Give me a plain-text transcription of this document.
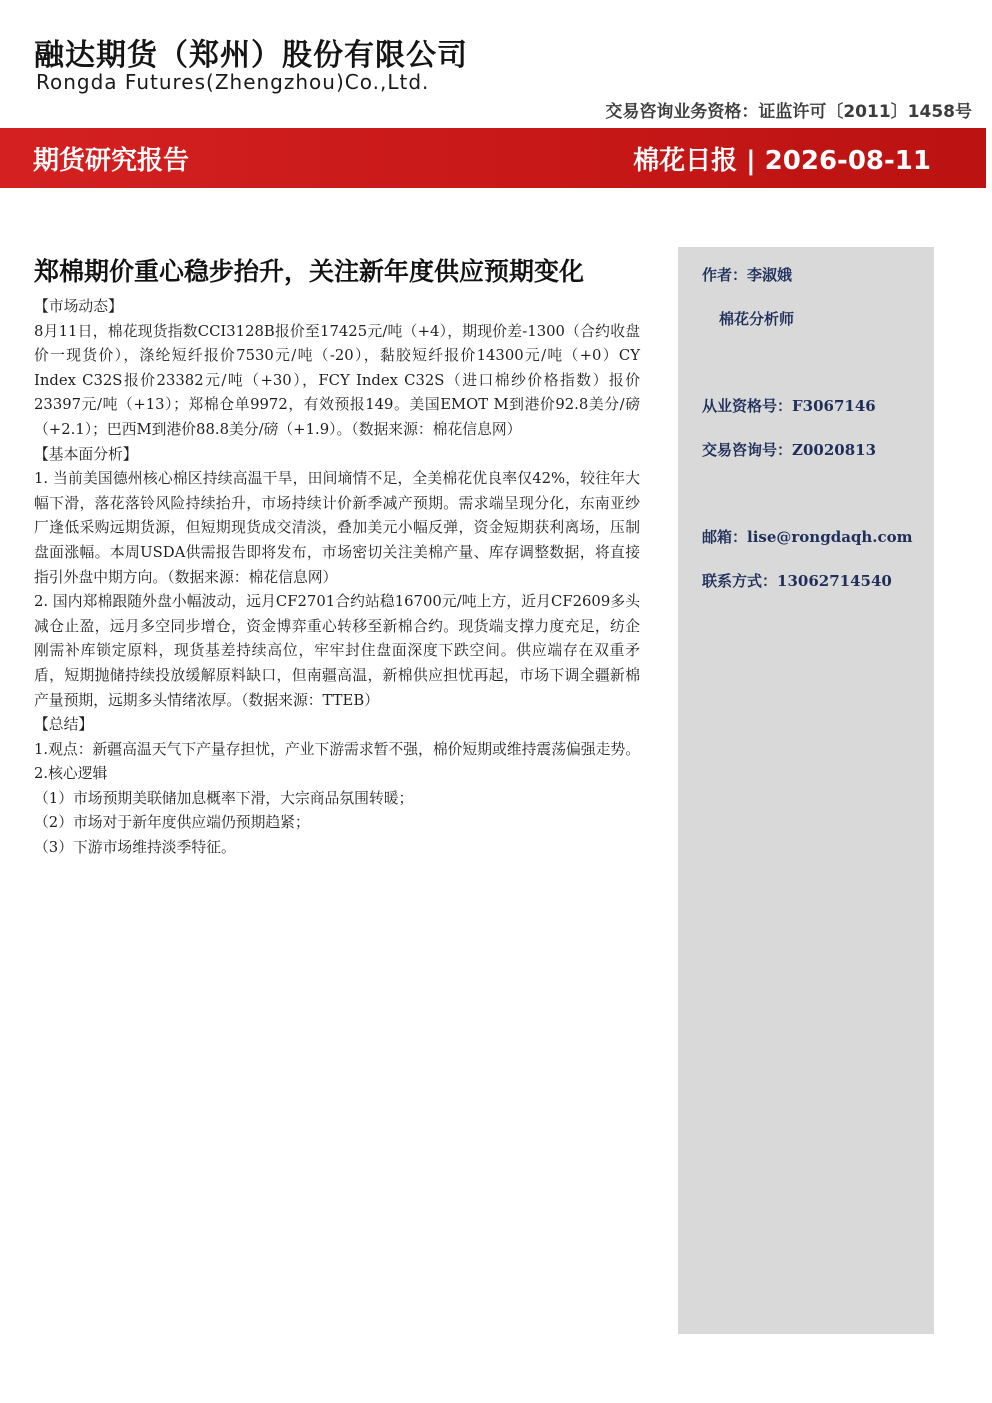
融达期货（郑州）股份有限公司
Rongda Futures(Zhengzhou)Co.,Ltd.
交易咨询业务资格：证监许可〔2011〕1458号
期货研究报告	棉花日报 | 2026-08-11
郑棉期价重心稳步抬升，关注新年度供应预期变化

【市场动态】

8月11日，棉花现货指数CCI3128B报价至17425元/吨（+4），期现价差-1300（合约收盘价一现货价），涤纶短纤报价7530元/吨（-20），黏胶短纤报价14300元/吨（+0）CY Index C32S报价23382元/吨（+30），FCY Index C32S（进口棉纱价格指数）报价23397元/吨（+13）；郑棉仓单9972，有效预报149。美国EMOT M到港价92.8美分/磅（+2.1）；巴西M到港价88.8美分/磅（+1.9）。（数据来源：棉花信息网）

【基本面分析】

1. 当前美国德州核心棉区持续高温干旱，田间墒情不足，全美棉花优良率仅42%，较往年大幅下滑，落花落铃风险持续抬升，市场持续计价新季减产预期。需求端呈现分化，东南亚纱厂逢低采购远期货源，但短期现货成交清淡，叠加美元小幅反弹，资金短期获利离场，压制盘面涨幅。本周USDA供需报告即将发布，市场密切关注美棉产量、库存调整数据，将直接指引外盘中期方向。（数据来源：棉花信息网）

2. 国内郑棉跟随外盘小幅波动，远月CF2701合约站稳16700元/吨上方，近月CF2609多头减仓止盈，远月多空同步增仓，资金博弈重心转移至新棉合约。现货端支撑力度充足，纺企刚需补库锁定原料，现货基差持续高位，牢牢封住盘面深度下跌空间。供应端存在双重矛盾，短期抛储持续投放缓解原料缺口，但南疆高温，新棉供应担忧再起，市场下调全疆新棉产量预期，远期多头情绪浓厚。（数据来源：TTEB）

【总结】

1.观点：新疆高温天气下产量存担忧，产业下游需求暂不强，棉价短期或维持震荡偏强走势。

2.核心逻辑

（1）市场预期美联储加息概率下滑，大宗商品氛围转暖；

（2）市场对于新年度供应端仍预期趋紧；

（3）下游市场维持淡季特征。

作者：李淑娥
棉花分析师
从业资格号：F3067146
交易咨询号：Z0020813
邮箱：lise@rongdaqh.com
联系方式：13062714540
